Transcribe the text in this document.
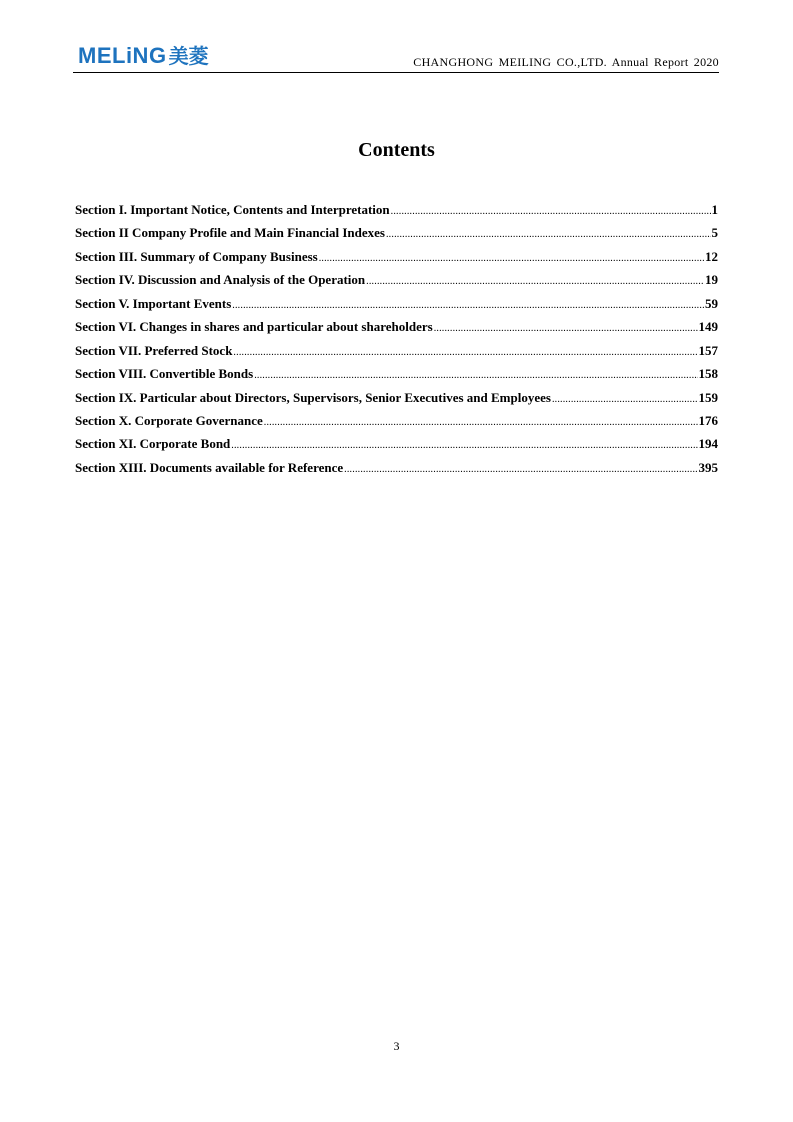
MELiNG 美菱	CHANGHONG MEILING CO.,LTD. Annual Report 2020
Contents
Section I. Important Notice, Contents and Interpretation .....	1
Section II Company Profile and Main Financial Indexes .....	5
Section III. Summary of Company Business .....	12
Section IV. Discussion and Analysis of the Operation .....	19
Section V. Important Events .....	59
Section VI. Changes in shares and particular about shareholders .....	149
Section VII. Preferred Stock .....	157
Section VIII. Convertible Bonds .....	158
Section IX. Particular about Directors, Supervisors, Senior Executives and Employees .....	159
Section X. Corporate Governance .....	176
Section XI. Corporate Bond .....	194
Section XIII. Documents available for Reference .....	395
3
